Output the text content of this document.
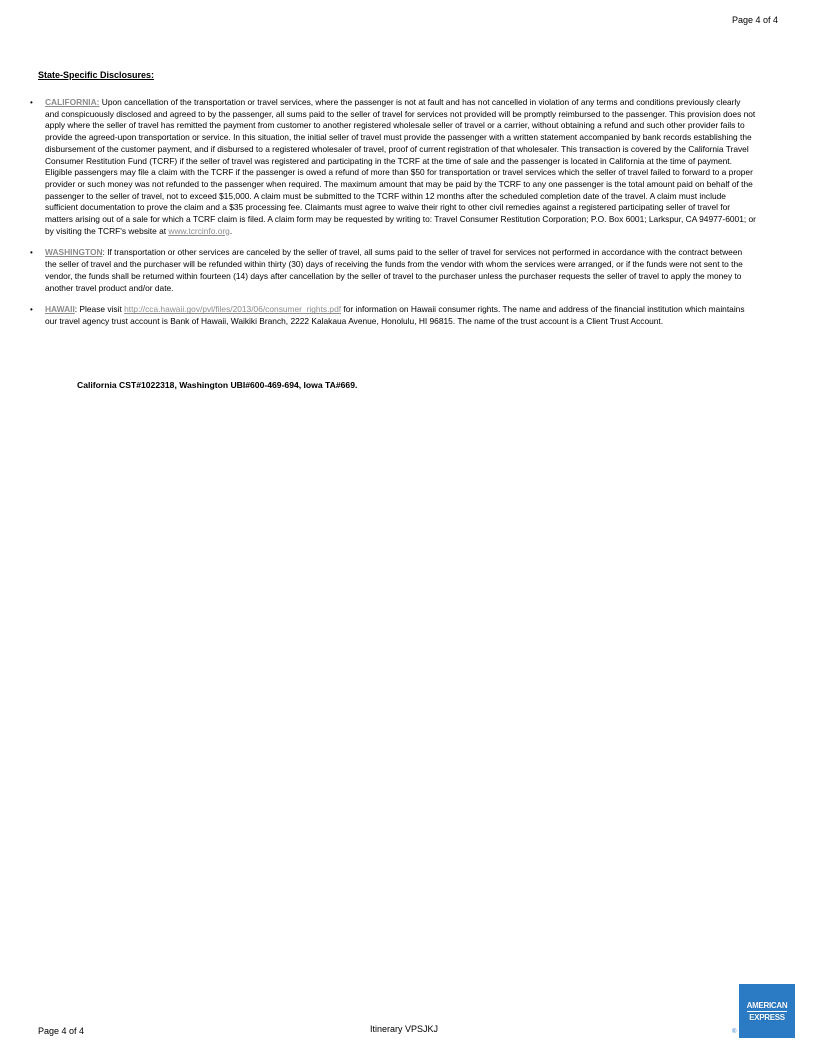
Page 4 of 4
State-Specific Disclosures:
• CALIFORNIA: Upon cancellation of the transportation or travel services, where the passenger is not at fault and has not cancelled in violation of any terms and conditions previously clearly and conspicuously disclosed and agreed to by the passenger, all sums paid to the seller of travel for services not provided will be promptly reimbursed to the passenger. This provision does not apply where the seller of travel has remitted the payment from customer to another registered wholesale seller of travel or a carrier, without obtaining a refund and such other provider fails to provide the agreed-upon transportation or service. In this situation, the initial seller of travel must provide the passenger with a written statement accompanied by bank records establishing the disbursement of the customer payment, and if disbursed to a registered wholesaler of travel, proof of current registration of that wholesaler. This transaction is covered by the California Travel Consumer Restitution Fund (TCRF) if the seller of travel was registered and participating in the TCRF at the time of sale and the passenger is located in California at the time of payment. Eligible passengers may file a claim with the TCRF if the passenger is owed a refund of more than $50 for transportation or travel services which the seller of travel failed to forward to a proper provider or such money was not refunded to the passenger when required. The maximum amount that may be paid by the TCRF to any one passenger is the total amount paid on behalf of the passenger to the seller of travel, not to exceed $15,000. A claim must be submitted to the TCRF within 12 months after the scheduled completion date of the travel. A claim must include sufficient documentation to prove the claim and a $35 processing fee. Claimants must agree to waive their right to other civil remedies against a registered participating seller of travel for matters arising out of a sale for which a TCRF claim is filed. A claim form may be requested by writing to: Travel Consumer Restitution Corporation; P.O. Box 6001; Larkspur, CA 94977-6001; or by visiting the TCRF's website at www.tcrcinfo.org.
• WASHINGTON: If transportation or other services are canceled by the seller of travel, all sums paid to the seller of travel for services not performed in accordance with the contract between the seller of travel and the purchaser will be refunded within thirty (30) days of receiving the funds from the vendor with whom the services were arranged, or if the funds were not sent to the vendor, the funds shall be returned within fourteen (14) days after cancellation by the seller of travel to the purchaser unless the purchaser requests the seller of travel to apply the money to another travel product and/or date.
• HAWAII: Please visit http://cca.hawaii.gov/pvl/files/2013/06/consumer_rights.pdf for information on Hawaii consumer rights. The name and address of the financial institution which maintains our travel agency trust account is Bank of Hawaii, Waikiki Branch, 2222 Kalakaua Avenue, Honolulu, HI 96815. The name of the trust account is a Client Trust Account.
California CST#1022318, Washington UBI#600-469-694, Iowa TA#669.
Page 4 of 4	Itinerary VPSJKJ
AMERICAN
EXPRESS
®
